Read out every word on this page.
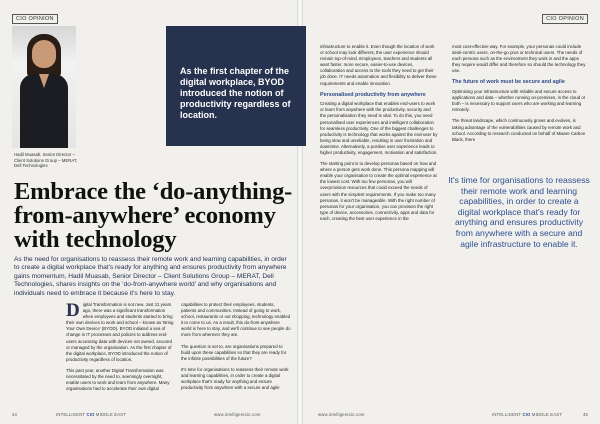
CIO OPINION	CIO OPINION
Hadil Muasab, Senior Director – Client Solutions Group – MERAT, Dell Technologies
As the first chapter of the digital workplace, BYOD introduced the notion of productivity regardless of location.
Embrace the ‘do-anything-from-anywhere’ economy with technology

As the need for organisations to reassess their remote work and learning capabilities, in order to create a digital workplace that's ready for anything and ensures productivity from anywhere gains momentum, Hadil Muasab, Senior Director – Client Solutions Group – MERAT, Dell Technologies, shares insights on the ‘do-from-anywhere world’ and why organisations and individuals need to embrace it because it's here to stay.

Digital Transformation is not new. Just 11 years ago, there was a significant transformation when employees and students started to bring their own devices to work and school – known as 'Bring Your Own Device' (BYOD). BYOD initiated a sea of change in IT processes and policies to address end-users accessing data with devices not owned, secured or managed by the organisation. As the first chapter of the digital workplace, BYOD introduced the notion of productivity regardless of location.

This past year, another Digital Transformation was necessitated by the need to, seemingly overnight, enable users to work and learn from anywhere. Many organisations had to accelerate their own digital

capabilities to protect their employees, students, patients and communities. Instead of going to work, school, restaurants or out shopping, technology enabled it to come to us. As a result, this do-from-anywhere world is here to stay, and we'll continue to see people do more from wherever they are.

The question is set to, are organisations prepared to build upon these capabilities so that they are ready for the infinite possibilities of the future?

It's time for organisations to reassess their remote work and learning capabilities, in order to create a digital workplace that's ready for anything and ensure productivity from anywhere with a secure and agile

infrastructure to enable it. Even though the location of work or school may look different, the user experience should remain top-of-mind. Employees, teachers and students all want faster, more secure, easier-to-use devices, collaboration and access to the tools they need to get their job done. IT needs automation and flexibility to deliver these requirements and enable innovation.

Personalised productivity from anywhere

Creating a digital workplace that enables end-users to work or learn from anywhere with the productivity, security and the personalisation they need is vital. To do this, you need personalised user experiences and intelligent collaboration for seamless productivity. One of the biggest challenges to productivity is technology that works against the end-user by being slow and unreliable, resulting in user frustration and downtime. Alternatively, a positive user experience leads to higher productivity, engagement, motivation and satisfaction.

The starting point is to develop personas based on how and where a person gets work done. This persona mapping will enable your organisation to create the optimal experience at the lowest cost. With too few personas, you will overprovision resources that could exceed the needs of users with the simplest requirements. If you make too many personas, it won't be manageable. With the right number of personas for your organisation, you can provision the right type of device, accessories, connectivity, apps and data for each, creating the best user experience in the

most cost-effective way. For example, your personas could include desk-centric users, on-the-go pros or technical users. The needs of each persona such as the environment they work in and the apps they require would differ and therefore so should the technology they use.

The future of work must be secure and agile

Optimising your infrastructure with reliable and secure access to applications and data – whether running on-premises, in the cloud or both – is necessary to support users who are working and learning remotely.

The threat landscape, which continuously grows and evolves, is taking advantage of the vulnerabilities caused by remote work and school. According to research conducted on behalf of Mware Carbon Black, there

It's time for organisations to reassess their remote work and learning capabilities, in order to create a digital workplace that's ready for anything and ensures productivity from anywhere with a secure and agile infrastructure to enable it.
44	INTELLIGENT CIO MIDDLE EAST	www.intelligentcio.com	www.intelligentcio.com	INTELLIGENT CIO MIDDLE EAST	45
